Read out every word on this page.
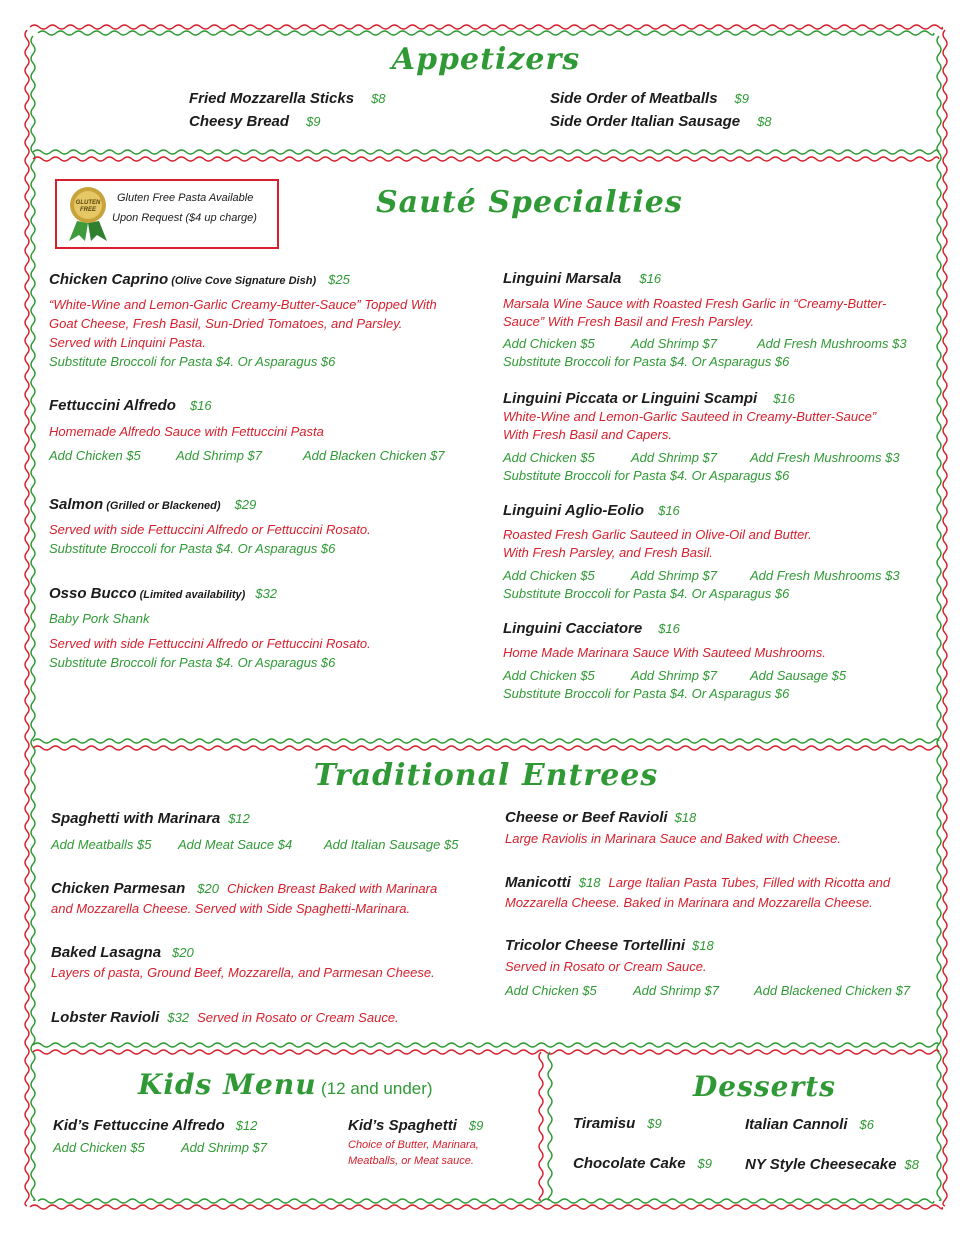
Appetizers
Fried Mozzarella Sticks $8
Cheesy Bread $9
Side Order of Meatballs $9
Side Order Italian Sausage $8
GLUTEN
FREE
Gluten Free Pasta Available
Upon Request ($4 up charge)	Sauté Specialties
Chicken Caprino (Olive Cove Signature Dish) $25
“White-Wine and Lemon-Garlic Creamy-Butter-Sauce” Topped With
Goat Cheese, Fresh Basil, Sun-Dried Tomatoes, and Parsley.
Served with Linquini Pasta.
Substitute Broccoli for Pasta $4. Or Asparagus $6
Fettuccini Alfredo $16
Homemade Alfredo Sauce with Fettuccini Pasta
Add Chicken $5	Add Shrimp $7	Add Blacken Chicken $7
Salmon (Grilled or Blackened) $29
Served with side Fettuccini Alfredo or Fettuccini Rosato.
Substitute Broccoli for Pasta $4. Or Asparagus $6
Osso Bucco (Limited availability) $32
Baby Pork Shank
Served with side Fettuccini Alfredo or Fettuccini Rosato.
Substitute Broccoli for Pasta $4. Or Asparagus $6
Linguini Marsala $16
Marsala Wine Sauce with Roasted Fresh Garlic in “Creamy-Butter-
Sauce” With Fresh Basil and Fresh Parsley.
Add Chicken $5	Add Shrimp $7	Add Fresh Mushrooms $3
Substitute Broccoli for Pasta $4. Or Asparagus $6
Linguini Piccata or Linguini Scampi $16
White-Wine and Lemon-Garlic Sauteed in Creamy-Butter-Sauce”
With Fresh Basil and Capers.
Add Chicken $5	Add Shrimp $7	Add Fresh Mushrooms $3
Substitute Broccoli for Pasta $4. Or Asparagus $6
Linguini Aglio-Eolio $16
Roasted Fresh Garlic Sauteed in Olive-Oil and Butter.
With Fresh Parsley, and Fresh Basil.
Add Chicken $5	Add Shrimp $7	Add Fresh Mushrooms $3
Substitute Broccoli for Pasta $4. Or Asparagus $6
Linguini Cacciatore $16
Home Made Marinara Sauce With Sauteed Mushrooms.
Add Chicken $5	Add Shrimp $7	Add Sausage $5
Substitute Broccoli for Pasta $4. Or Asparagus $6
Traditional Entrees
Spaghetti with Marinara $12
Add Meatballs $5 Add Meat Sauce $4 Add Italian Sausage $5
Chicken Parmesan $20 Chicken Breast Baked with Marinara
and Mozzarella Cheese. Served with Side Spaghetti-Marinara.
Baked Lasagna $20
Layers of pasta, Ground Beef, Mozzarella, and Parmesan Cheese.
Lobster Ravioli $32 Served in Rosato or Cream Sauce.
Cheese or Beef Ravioli $18
Large Raviolis in Marinara Sauce and Baked with Cheese.
Manicotti $18 Large Italian Pasta Tubes, Filled with Ricotta and
Mozzarella Cheese. Baked in Marinara and Mozzarella Cheese.
Tricolor Cheese Tortellini $18
Served in Rosato or Cream Sauce.
Add Chicken $5	Add Shrimp $7	Add Blackened Chicken $7
Kids Menu (12 and under)
Kid’s Fettuccine Alfredo $12
Add Chicken $5	Add Shrimp $7
Kid’s Spaghetti $9
Choice of Butter, Marinara,
Meatballs, or Meat sauce.
Desserts
Tiramisu $9	Italian Cannoli $6
Chocolate Cake $9 NY Style Cheesecake $8
